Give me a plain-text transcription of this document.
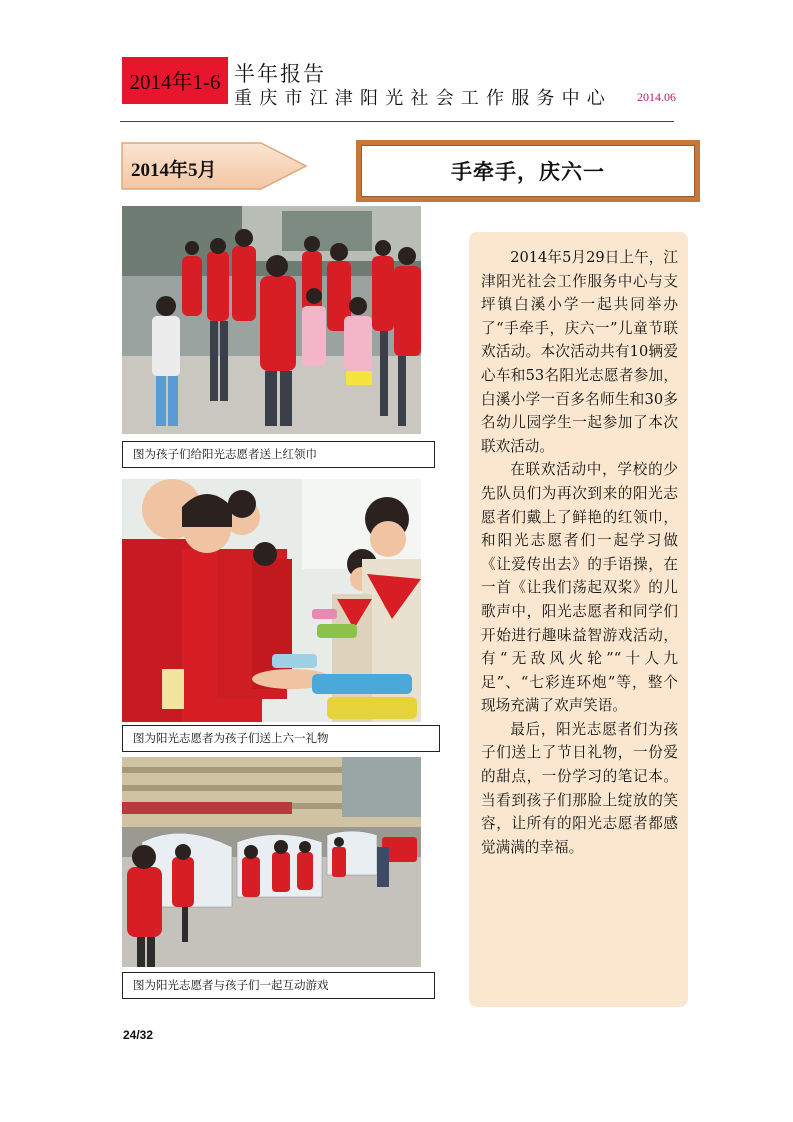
2014年1-6 半年报告
重庆市江津阳光社会工作服务中心 2014.06
2014年5月	手牵手，庆六一
图为孩子们给阳光志愿者送上红领巾
图为阳光志愿者为孩子们送上六一礼物
图为阳光志愿者与孩子们一起互动游戏

2014年5月29日上午，江津阳光社会工作服务中心与支坪镇白溪小学一起共同举办了“手牵手，庆六一”儿童节联欢活动。本次活动共有10辆爱心车和53名阳光志愿者参加，白溪小学一百多名师生和30多名幼儿园学生一起参加了本次联欢活动。

在联欢活动中，学校的少先队员们为再次到来的阳光志愿者们戴上了鲜艳的红领巾，和阳光志愿者们一起学习做《让爱传出去》的手语操，在一首《让我们荡起双桨》的儿歌声中，阳光志愿者和同学们开始进行趣味益智游戏活动，有“无敌风火轮”“十人九足”、“七彩连环炮”等，整个现场充满了欢声笑语。

最后，阳光志愿者们为孩子们送上了节日礼物，一份爱的甜点，一份学习的笔记本。当看到孩子们那脸上绽放的笑容，让所有的阳光志愿者都感觉满满的幸福。

24/32
